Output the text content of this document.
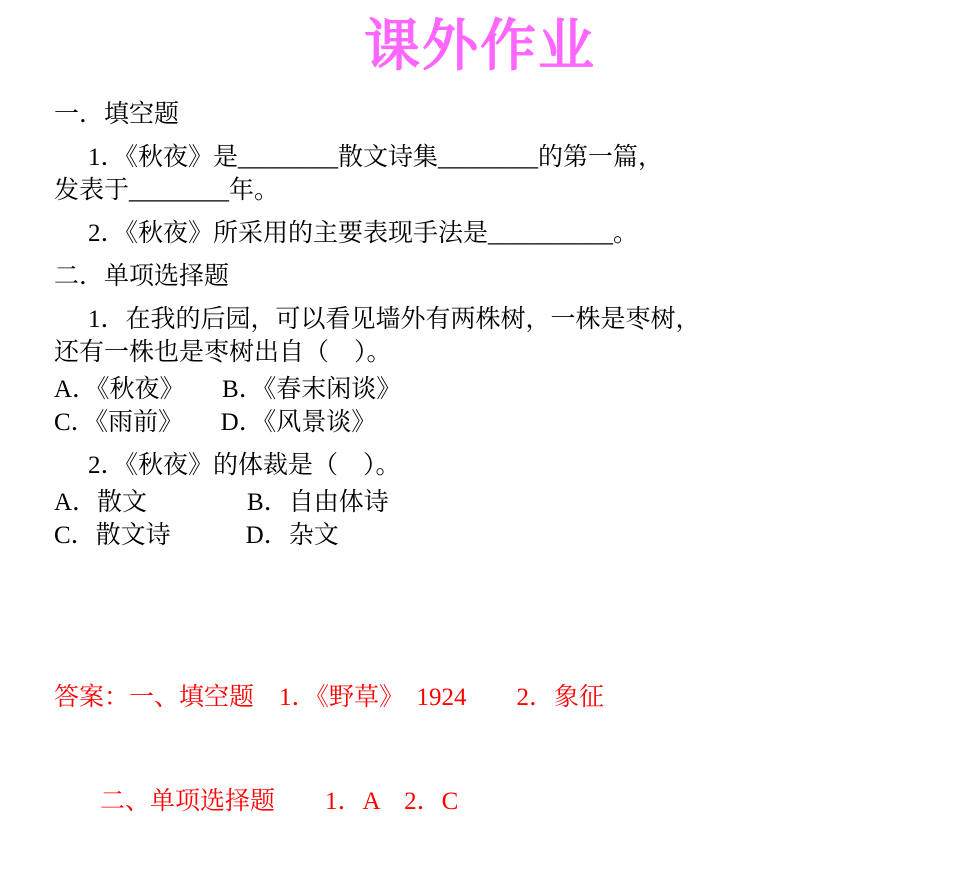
课外作业
一．填空题
1．《秋夜》是________散文诗集________的第一篇，
发表于________年。
2．《秋夜》所采用的主要表现手法是__________。
二．单项选择题
1．在我的后园，可以看见墙外有两株树，一株是枣树，
还有一株也是枣树出自（　）。
A．《秋夜》　　B．《春末闲谈》
C．《雨前》　　D．《风景谈》
2．《秋夜》的体裁是（　）。
A．散文　　　　B．自由体诗
C．散文诗　　　D．杂文

答案：一、填空题　1．《野草》　1924　　2．象征

二、单项选择题　　1．A　2．C
